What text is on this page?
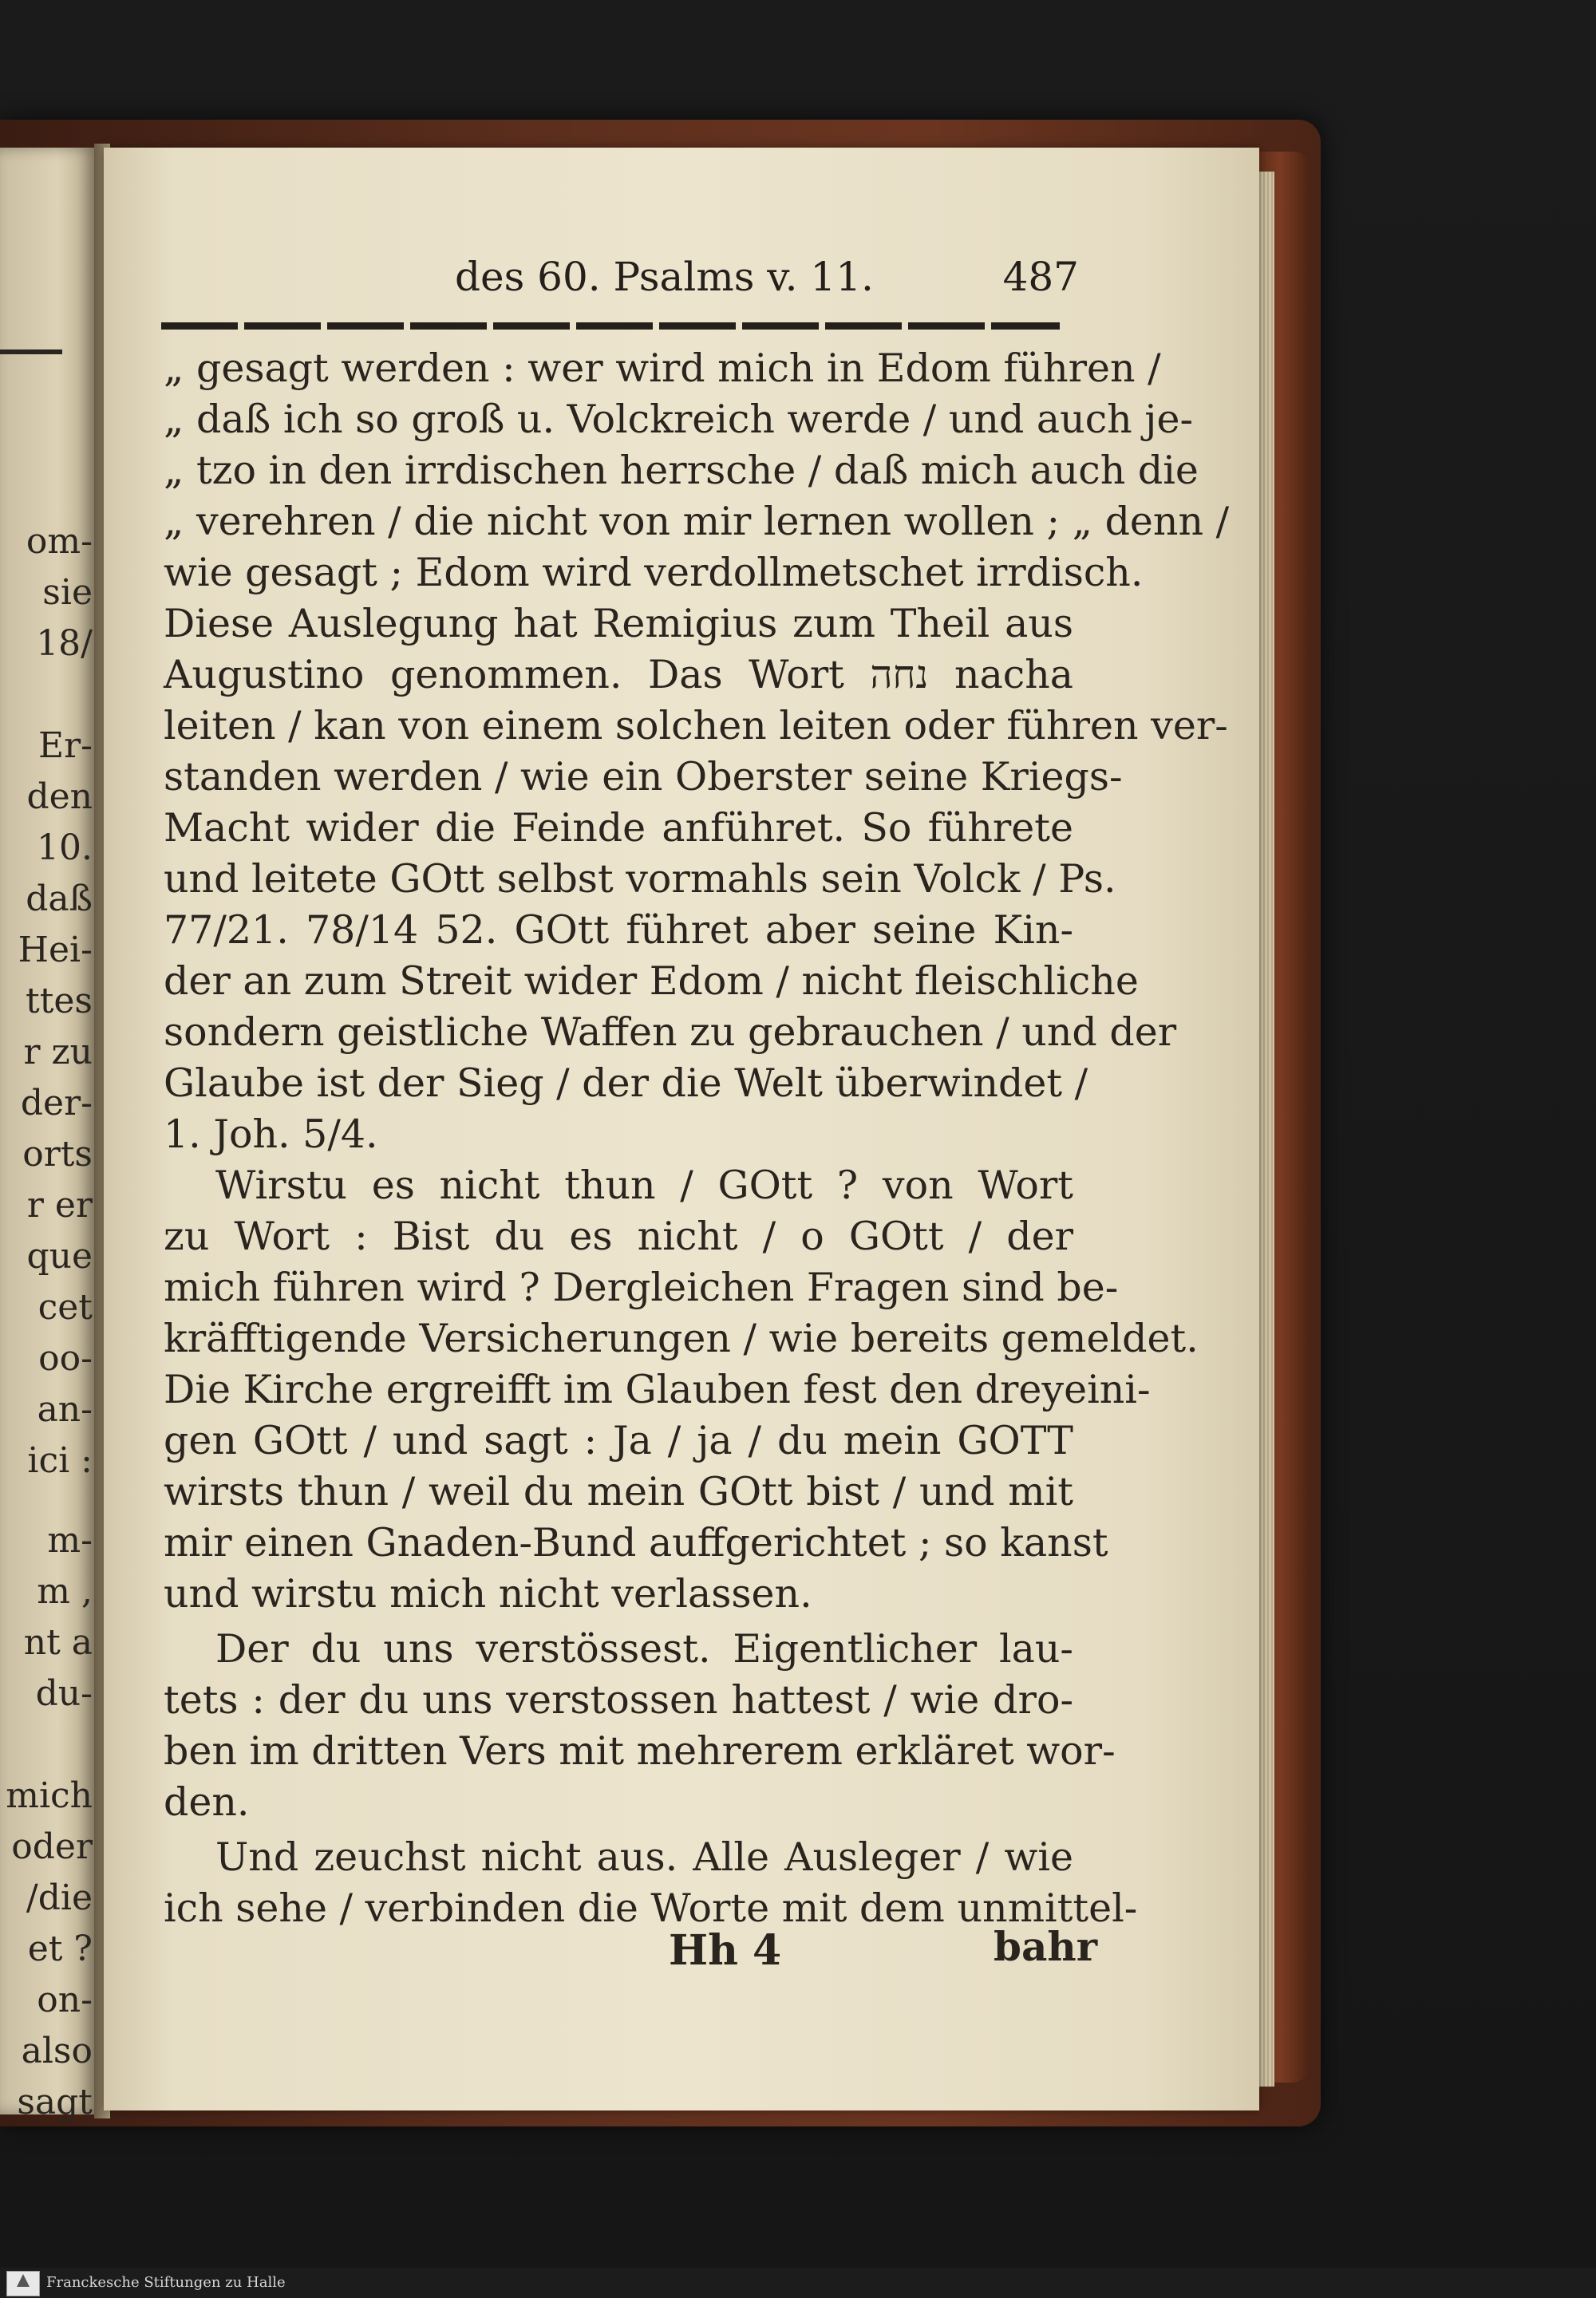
om-
sie
18/
Er-
den
10.
daß
Hei-
ttes
r zu
der-
orts
r er
que
cet
oo-
an-
ici :
m-
m ,
nt a
du-
mich
oder
/die
et ?
on-
also
sagt
des 60. Psalms v. 11.	487
„ gesagt werden : wer wird mich in Edom führen /
„ daß ich so groß u. Volckreich werde / und auch je-
„ tzo in den irrdischen herrsche / daß mich auch die
„ verehren / die nicht von mir lernen wollen ; „ denn /
wie gesagt ; Edom wird verdollmetschet irrdisch.
Diese Auslegung hat Remigius zum Theil aus
Augustino genommen. Das Wort נחה nacha
leiten / kan von einem solchen leiten oder führen ver-
standen werden / wie ein Oberster seine Kriegs-
Macht wider die Feinde anführet. So führete
und leitete GOtt selbst vormahls sein Volck / Ps.
77/21. 78/14 52. GOtt führet aber seine Kin-
der an zum Streit wider Edom / nicht fleischliche
sondern geistliche Waffen zu gebrauchen / und der
Glaube ist der Sieg / der die Welt überwindet /
1. Joh. 5/4.
Wirstu es nicht thun / GOtt ? von Wort
zu Wort : Bist du es nicht / o GOtt / der
mich führen wird ? Dergleichen Fragen sind be-
kräfftigende Versicherungen / wie bereits gemeldet.
Die Kirche ergreifft im Glauben fest den dreyeini-
gen GOtt / und sagt : Ja / ja / du mein GOTT
wirsts thun / weil du mein GOtt bist / und mit
mir einen Gnaden-Bund auffgerichtet ; so kanst
und wirstu mich nicht verlassen.
Der du uns verstössest. Eigentlicher lau-
tets : der du uns verstossen hattest / wie dro-
ben im dritten Vers mit mehrerem erkläret wor-
den.
Und zeuchst nicht aus. Alle Ausleger / wie
ich sehe / verbinden die Worte mit dem unmittel-
Hh 4	bahr
Franckesche Stiftungen zu Halle
